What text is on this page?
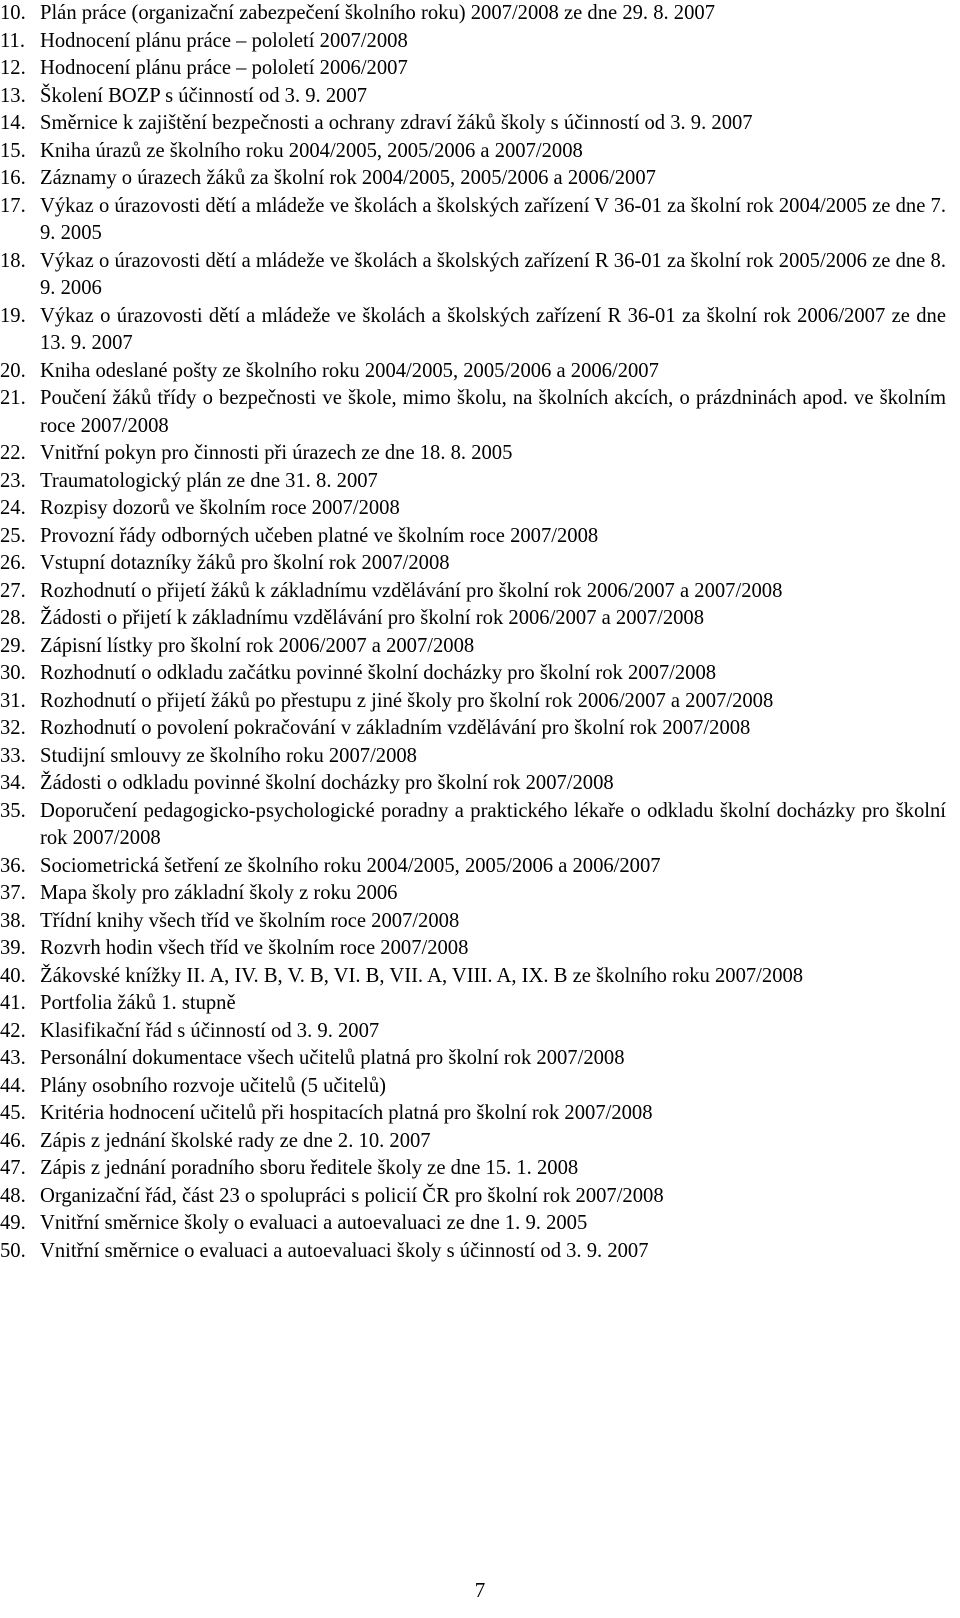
10. Plán práce (organizační zabezpečení školního roku) 2007/2008 ze dne 29. 8. 2007
11. Hodnocení plánu práce – pololetí 2007/2008
12. Hodnocení plánu práce – pololetí 2006/2007
13. Školení BOZP s účinností od 3. 9. 2007
14. Směrnice k zajištění bezpečnosti a ochrany zdraví žáků školy s účinností od 3. 9. 2007
15. Kniha úrazů ze školního roku 2004/2005, 2005/2006 a 2007/2008
16. Záznamy o úrazech žáků za školní rok 2004/2005, 2005/2006 a 2006/2007
17. Výkaz o úrazovosti dětí a mládeže ve školách a školských zařízení V 36-01 za školní rok 2004/2005 ze dne 7. 9. 2005
18. Výkaz o úrazovosti dětí a mládeže ve školách a školských zařízení R 36-01 za školní rok 2005/2006 ze dne 8. 9. 2006
19. Výkaz o úrazovosti dětí a mládeže ve školách a školských zařízení R 36-01 za školní rok 2006/2007 ze dne 13. 9. 2007
20. Kniha odeslané pošty ze školního roku 2004/2005, 2005/2006 a 2006/2007
21. Poučení žáků třídy o bezpečnosti ve škole, mimo školu, na školních akcích, o prázdninách apod. ve školním roce 2007/2008
22. Vnitřní pokyn pro činnosti při úrazech ze dne 18. 8. 2005
23. Traumatologický plán ze dne 31. 8. 2007
24. Rozpisy dozorů ve školním roce 2007/2008
25. Provozní řády odborných učeben platné ve školním roce 2007/2008
26. Vstupní dotazníky žáků pro školní rok 2007/2008
27. Rozhodnutí o přijetí žáků k základnímu vzdělávání pro školní rok 2006/2007 a 2007/2008
28. Žádosti o přijetí k základnímu vzdělávání pro školní rok 2006/2007 a 2007/2008
29. Zápisní lístky pro školní rok 2006/2007 a 2007/2008
30. Rozhodnutí o odkladu začátku povinné školní docházky pro školní rok 2007/2008
31. Rozhodnutí o přijetí žáků po přestupu z jiné školy pro školní rok 2006/2007 a 2007/2008
32. Rozhodnutí o povolení pokračování v základním vzdělávání pro školní rok 2007/2008
33. Studijní smlouvy ze školního roku 2007/2008
34. Žádosti o odkladu povinné školní docházky pro školní rok 2007/2008
35. Doporučení pedagogicko-psychologické poradny a praktického lékaře o odkladu školní docházky pro školní rok 2007/2008
36. Sociometrická šetření ze školního roku 2004/2005, 2005/2006 a 2006/2007
37. Mapa školy pro základní školy z roku 2006
38. Třídní knihy všech tříd ve školním roce 2007/2008
39. Rozvrh hodin všech tříd ve školním roce 2007/2008
40. Žákovské knížky II. A, IV. B, V. B, VI. B, VII. A, VIII. A, IX. B ze školního roku 2007/2008
41. Portfolia žáků 1. stupně
42. Klasifikační řád s účinností od 3. 9. 2007
43. Personální dokumentace všech učitelů platná pro školní rok 2007/2008
44. Plány osobního rozvoje učitelů (5 učitelů)
45. Kritéria hodnocení učitelů při hospitacích platná pro školní rok 2007/2008
46. Zápis z jednání školské rady ze dne 2. 10. 2007
47. Zápis z jednání poradního sboru ředitele školy ze dne 15. 1. 2008
48. Organizační řád, část 23 o spolupráci s policií ČR pro školní rok 2007/2008
49. Vnitřní směrnice školy o evaluaci a autoevaluaci ze dne 1. 9. 2005
50. Vnitřní směrnice o evaluaci a autoevaluaci školy s účinností od 3. 9. 2007
7
